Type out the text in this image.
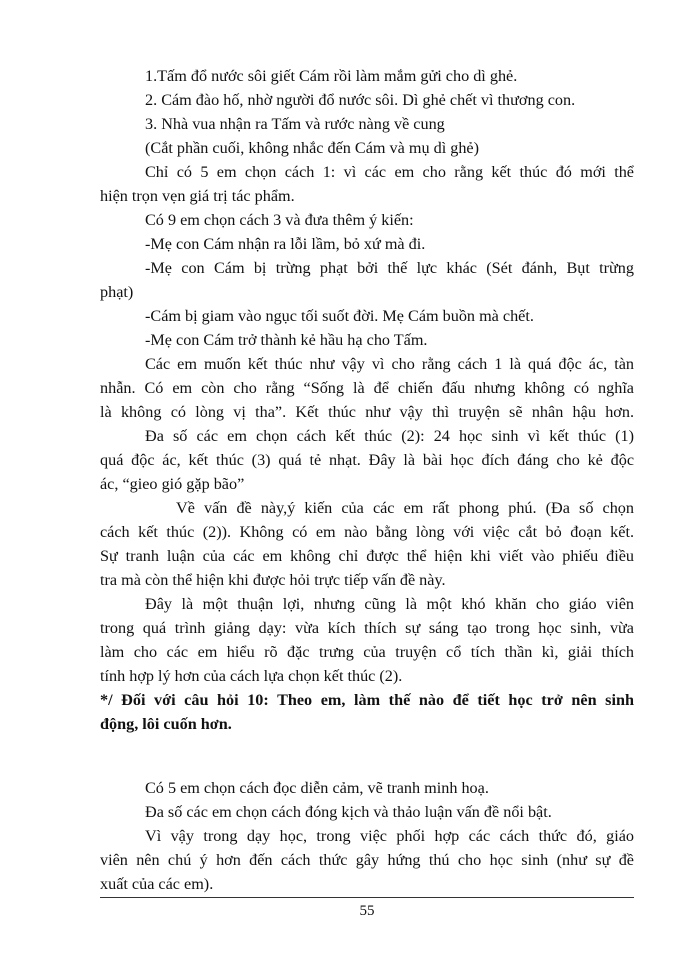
1.Tấm đổ nước sôi giết Cám rồi làm mắm gửi cho dì ghẻ.

2. Cám đào hố, nhờ người đổ nước sôi. Dì ghẻ chết vì thương con.

3. Nhà vua nhận ra Tấm và rước nàng về cung

(Cắt phần cuối, không nhắc đến Cám và mụ dì ghẻ)

Chỉ có 5 em chọn cách 1: vì các em cho rằng kết thúc đó mới thể

hiện trọn vẹn giá trị tác phẩm.

Có 9 em chọn cách 3 và đưa thêm ý kiến:

-Mẹ con Cám nhận ra lỗi lầm, bỏ xứ mà đi.

-Mẹ con Cám bị trừng phạt bởi thế lực khác (Sét đánh, Bụt trừng

phạt)

-Cám bị giam vào ngục tối suốt đời. Mẹ Cám buồn mà chết.

-Mẹ con Cám trở thành kẻ hầu hạ cho Tấm.

Các em muốn kết thúc như vậy vì cho rằng cách 1 là quá độc ác, tàn

nhẫn. Có em còn cho rằng “Sống là để chiến đấu nhưng không có nghĩa

là không có lòng vị tha”. Kết thúc như vậy thì truyện sẽ nhân hậu hơn.

Đa số các em chọn cách kết thúc (2): 24 học sinh vì kết thúc (1)

quá độc ác, kết thúc (3) quá tẻ nhạt. Đây là bài học đích đáng cho kẻ độc

ác, “gieo gió gặp bão”

Về vấn đề này,ý kiến của các em rất phong phú. (Đa số chọn

cách kết thúc (2)). Không có em nào bằng lòng với việc cắt bỏ đoạn kết.

Sự tranh luận của các em không chỉ được thể hiện khi viết vào phiếu điều

tra mà còn thể hiện khi được hỏi trực tiếp vấn đề này.

Đây là một thuận lợi, nhưng cũng là một khó khăn cho giáo viên

trong quá trình giảng dạy: vừa kích thích sự sáng tạo trong học sinh, vừa

làm cho các em hiểu rõ đặc trưng của truyện cổ tích thần kì, giải thích

tính hợp lý hơn của cách lựa chọn kết thúc (2).

*/ Đối với câu hỏi 10: Theo em, làm thế nào để tiết học trở nên sinh

động, lôi cuốn hơn.

Có 5 em chọn cách đọc diễn cảm, vẽ tranh minh hoạ.

Đa số các em chọn cách đóng kịch và thảo luận vấn đề nổi bật.

Vì vậy trong dạy học, trong việc phối hợp các cách thức đó, giáo

viên nên chú ý hơn đến cách thức gây hứng thú cho học sinh (như sự đề

xuất của các em).

55
